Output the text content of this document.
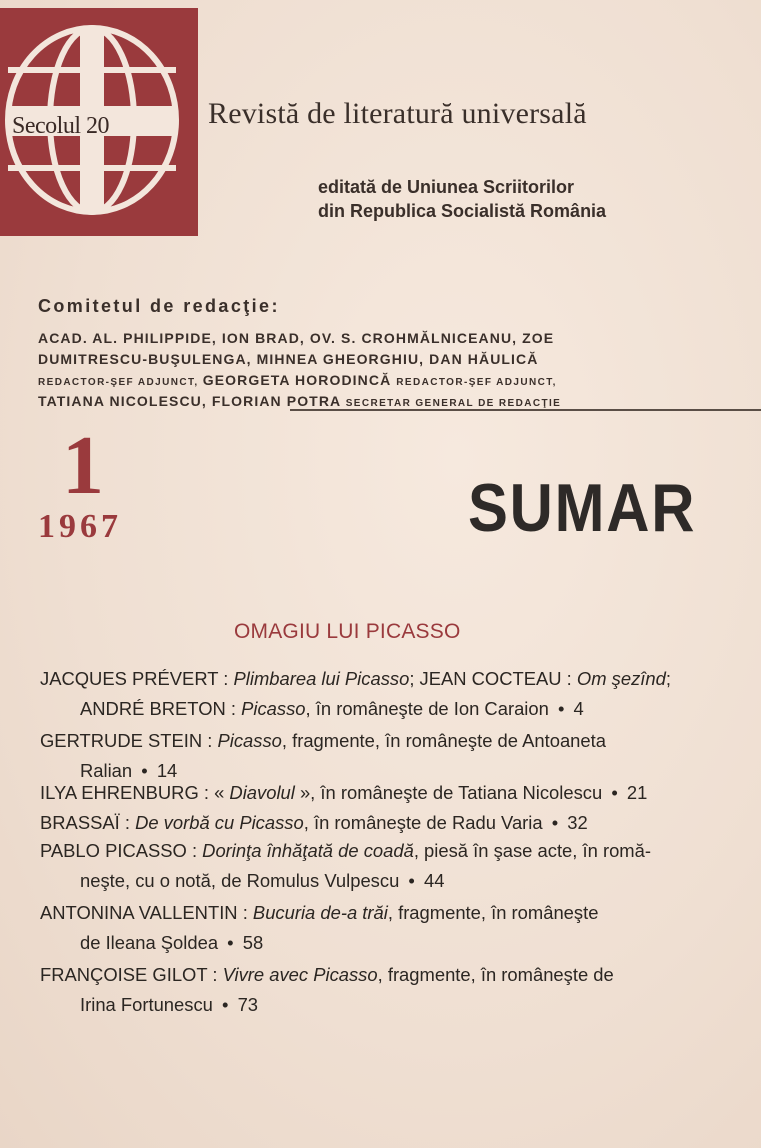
Secolul 20	Revistă de literatură universală
editată de Uniunea Scriitorilor
din Republica Socialistă România
Comitetul de redacţie:
ACAD. AL. PHILIPPIDE, ION BRAD, OV. S. CROHMĂLNICEANU, ZOE
DUMITRESCU-BUŞULENGA, MIHNEA GHEORGHIU, DAN HĂULICĂ
REDACTOR-ŞEF ADJUNCT, GEORGETA HORODINCĂ REDACTOR-ŞEF ADJUNCT,
TATIANA NICOLESCU, FLORIAN POTRA SECRETAR GENERAL DE REDACŢIE
1
1967	SUMAR
OMAGIU LUI PICASSO
JACQUES PRÉVERT : Plimbarea lui Picasso; JEAN COCTEAU : Om şezînd;
ANDRÉ BRETON : Picasso, în româneşte de Ion Caraion • 4
GERTRUDE STEIN : Picasso, fragmente, în româneşte de Antoaneta
Ralian • 14
ILYA EHRENBURG : « Diavolul », în româneşte de Tatiana Nicolescu • 21
BRASSAÏ : De vorbă cu Picasso, în româneşte de Radu Varia • 32
PABLO PICASSO : Dorinţa înhăţată de coadă, piesă în şase acte, în romă-
neşte, cu o notă, de Romulus Vulpescu • 44
ANTONINA VALLENTIN : Bucuria de-a trăi, fragmente, în româneşte
de Ileana Şoldea • 58
FRANÇOISE GILOT : Vivre avec Picasso, fragmente, în româneşte de
Irina Fortunescu • 73
